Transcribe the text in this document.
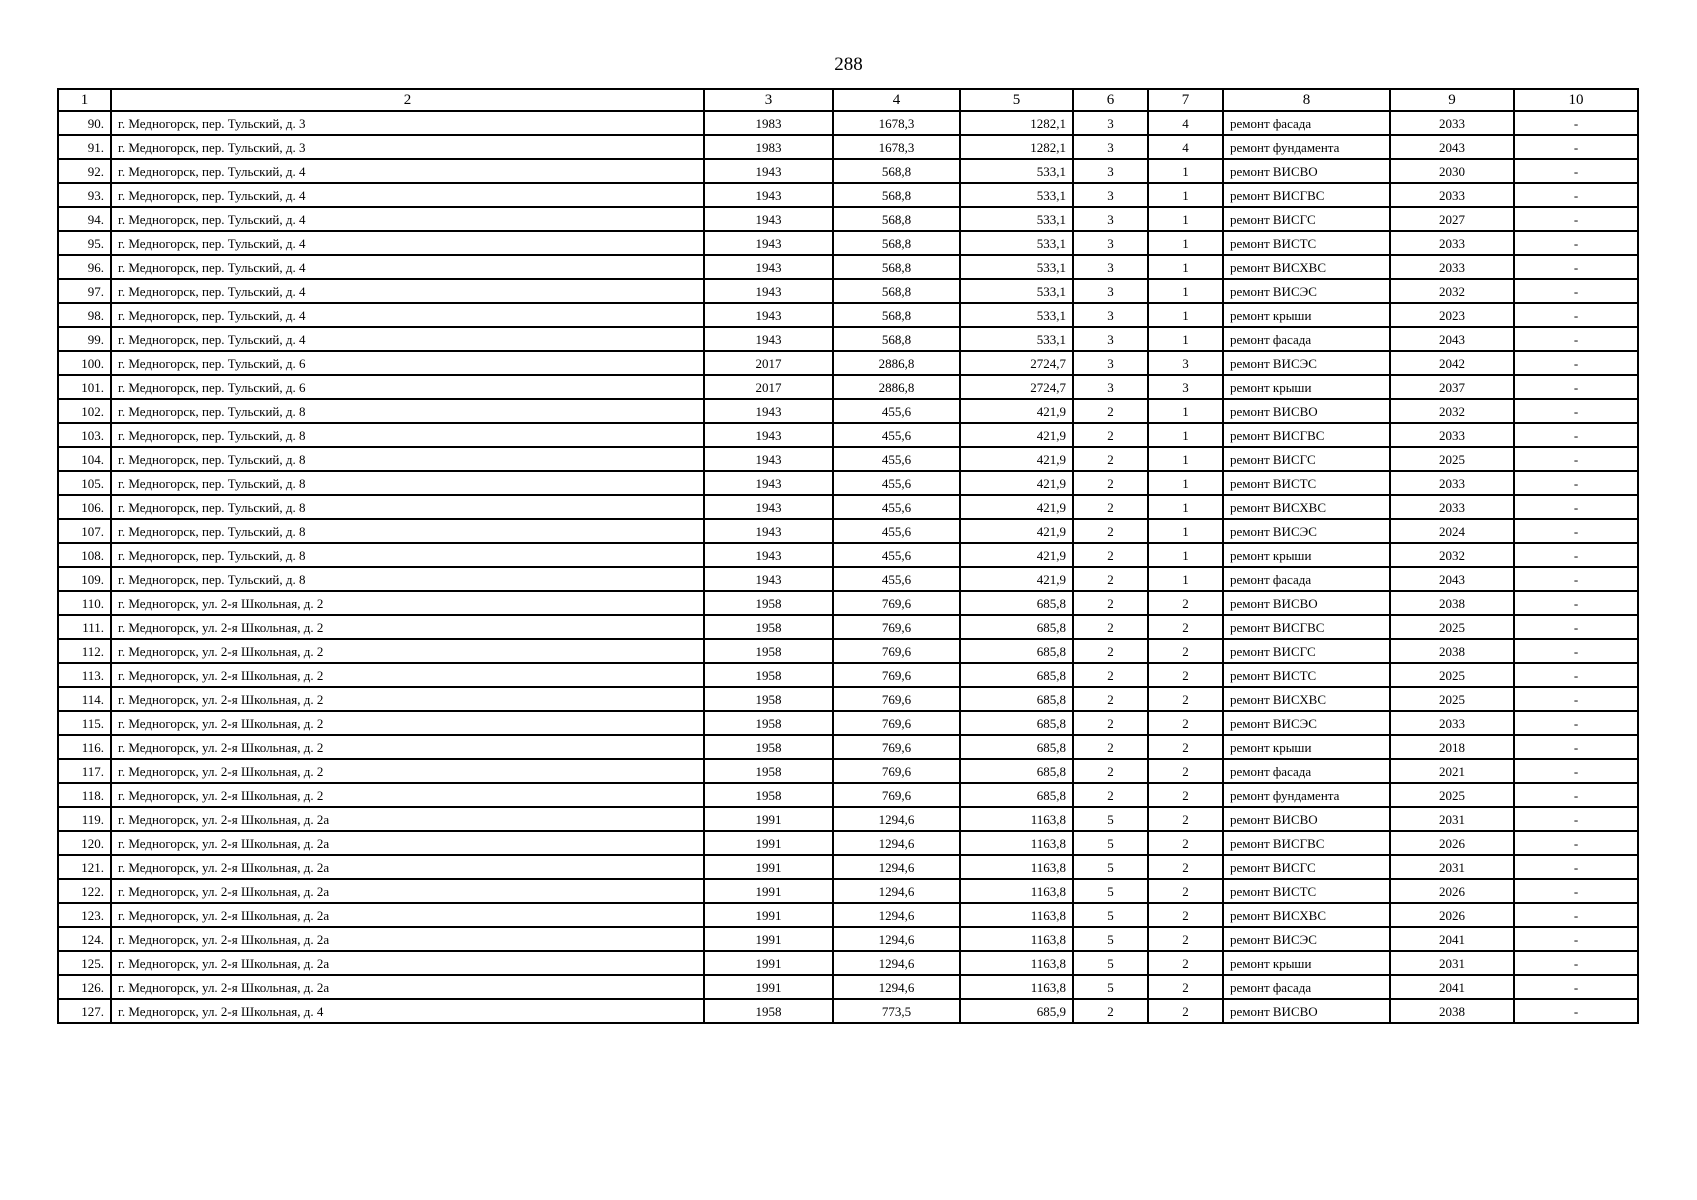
288
1	2	3	4	5	6	7	8	9	10
90.	г. Медногорск, пер. Тульский, д. 3	1983	1678,3	1282,1	3	4	ремонт фасада	2033	-
91.	г. Медногорск, пер. Тульский, д. 3	1983	1678,3	1282,1	3	4	ремонт фундамента	2043	-
92.	г. Медногорск, пер. Тульский, д. 4	1943	568,8	533,1	3	1	ремонт ВИСВО	2030	-
93.	г. Медногорск, пер. Тульский, д. 4	1943	568,8	533,1	3	1	ремонт ВИСГВС	2033	-
94.	г. Медногорск, пер. Тульский, д. 4	1943	568,8	533,1	3	1	ремонт ВИСГС	2027	-
95.	г. Медногорск, пер. Тульский, д. 4	1943	568,8	533,1	3	1	ремонт ВИСТС	2033	-
96.	г. Медногорск, пер. Тульский, д. 4	1943	568,8	533,1	3	1	ремонт ВИСХВС	2033	-
97.	г. Медногорск, пер. Тульский, д. 4	1943	568,8	533,1	3	1	ремонт ВИСЭС	2032	-
98.	г. Медногорск, пер. Тульский, д. 4	1943	568,8	533,1	3	1	ремонт крыши	2023	-
99.	г. Медногорск, пер. Тульский, д. 4	1943	568,8	533,1	3	1	ремонт фасада	2043	-
100.	г. Медногорск, пер. Тульский, д. 6	2017	2886,8	2724,7	3	3	ремонт ВИСЭС	2042	-
101.	г. Медногорск, пер. Тульский, д. 6	2017	2886,8	2724,7	3	3	ремонт крыши	2037	-
102.	г. Медногорск, пер. Тульский, д. 8	1943	455,6	421,9	2	1	ремонт ВИСВО	2032	-
103.	г. Медногорск, пер. Тульский, д. 8	1943	455,6	421,9	2	1	ремонт ВИСГВС	2033	-
104.	г. Медногорск, пер. Тульский, д. 8	1943	455,6	421,9	2	1	ремонт ВИСГС	2025	-
105.	г. Медногорск, пер. Тульский, д. 8	1943	455,6	421,9	2	1	ремонт ВИСТС	2033	-
106.	г. Медногорск, пер. Тульский, д. 8	1943	455,6	421,9	2	1	ремонт ВИСХВС	2033	-
107.	г. Медногорск, пер. Тульский, д. 8	1943	455,6	421,9	2	1	ремонт ВИСЭС	2024	-
108.	г. Медногорск, пер. Тульский, д. 8	1943	455,6	421,9	2	1	ремонт крыши	2032	-
109.	г. Медногорск, пер. Тульский, д. 8	1943	455,6	421,9	2	1	ремонт фасада	2043	-
110.	г. Медногорск, ул. 2-я Школьная, д. 2	1958	769,6	685,8	2	2	ремонт ВИСВО	2038	-
111.	г. Медногорск, ул. 2-я Школьная, д. 2	1958	769,6	685,8	2	2	ремонт ВИСГВС	2025	-
112.	г. Медногорск, ул. 2-я Школьная, д. 2	1958	769,6	685,8	2	2	ремонт ВИСГС	2038	-
113.	г. Медногорск, ул. 2-я Школьная, д. 2	1958	769,6	685,8	2	2	ремонт ВИСТС	2025	-
114.	г. Медногорск, ул. 2-я Школьная, д. 2	1958	769,6	685,8	2	2	ремонт ВИСХВС	2025	-
115.	г. Медногорск, ул. 2-я Школьная, д. 2	1958	769,6	685,8	2	2	ремонт ВИСЭС	2033	-
116.	г. Медногорск, ул. 2-я Школьная, д. 2	1958	769,6	685,8	2	2	ремонт крыши	2018	-
117.	г. Медногорск, ул. 2-я Школьная, д. 2	1958	769,6	685,8	2	2	ремонт фасада	2021	-
118.	г. Медногорск, ул. 2-я Школьная, д. 2	1958	769,6	685,8	2	2	ремонт фундамента	2025	-
119.	г. Медногорск, ул. 2-я Школьная, д. 2а	1991	1294,6	1163,8	5	2	ремонт ВИСВО	2031	-
120.	г. Медногорск, ул. 2-я Школьная, д. 2а	1991	1294,6	1163,8	5	2	ремонт ВИСГВС	2026	-
121.	г. Медногорск, ул. 2-я Школьная, д. 2а	1991	1294,6	1163,8	5	2	ремонт ВИСГС	2031	-
122.	г. Медногорск, ул. 2-я Школьная, д. 2а	1991	1294,6	1163,8	5	2	ремонт ВИСТС	2026	-
123.	г. Медногорск, ул. 2-я Школьная, д. 2а	1991	1294,6	1163,8	5	2	ремонт ВИСХВС	2026	-
124.	г. Медногорск, ул. 2-я Школьная, д. 2а	1991	1294,6	1163,8	5	2	ремонт ВИСЭС	2041	-
125.	г. Медногорск, ул. 2-я Школьная, д. 2а	1991	1294,6	1163,8	5	2	ремонт крыши	2031	-
126.	г. Медногорск, ул. 2-я Школьная, д. 2а	1991	1294,6	1163,8	5	2	ремонт фасада	2041	-
127.	г. Медногорск, ул. 2-я Школьная, д. 4	1958	773,5	685,9	2	2	ремонт ВИСВО	2038	-
